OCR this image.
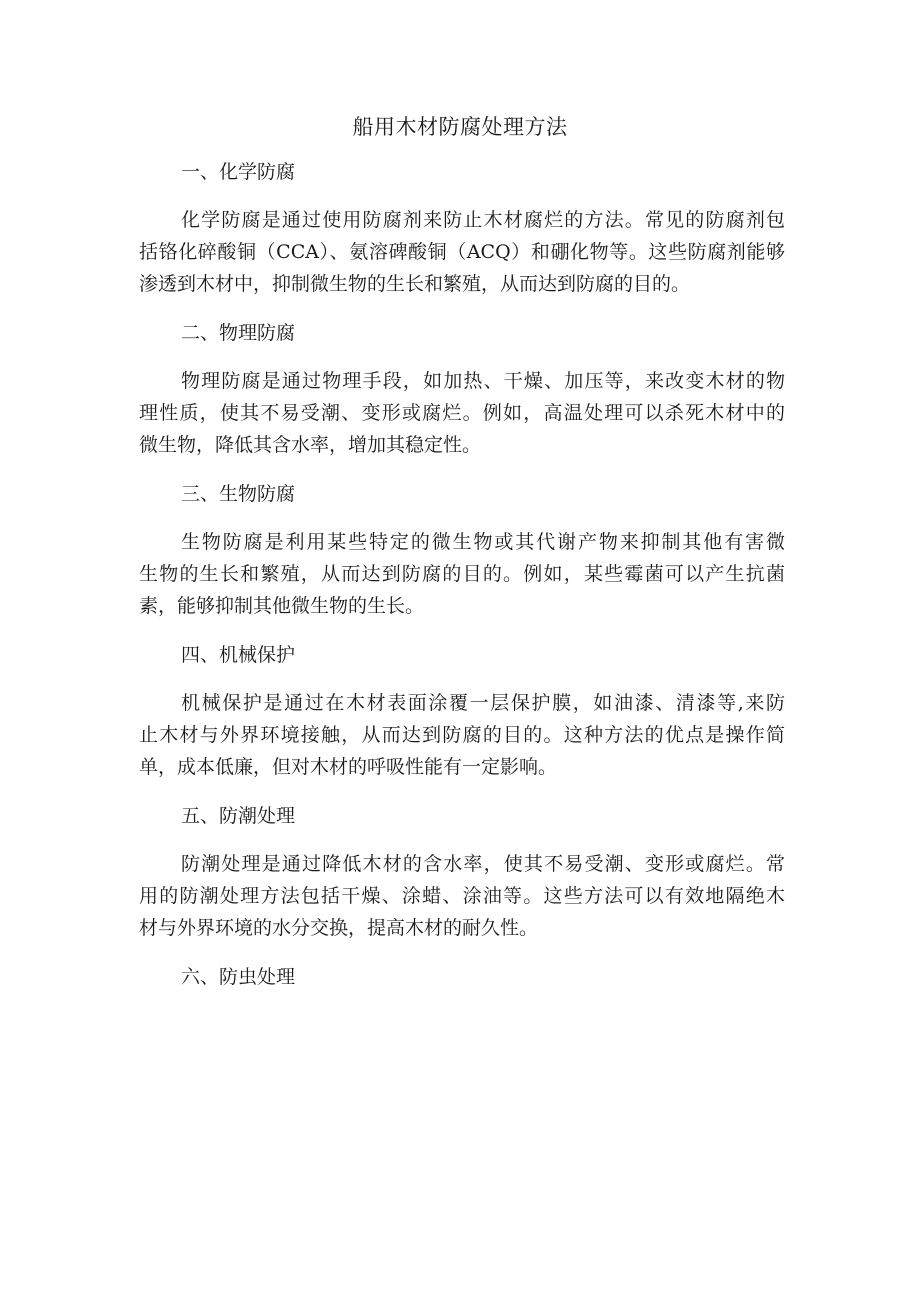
船用木材防腐处理方法
一、化学防腐

化学防腐是通过使用防腐剂来防止木材腐烂的方法。常见的防腐剂包
括铬化碎酸铜（CCA）、氨溶碑酸铜（ACQ）和硼化物等。这些防腐剂能够
渗透到木材中，抑制微生物的生长和繁殖，从而达到防腐的目的。

二、物理防腐

物理防腐是通过物理手段，如加热、干燥、加压等，来改变木材的物
理性质，使其不易受潮、变形或腐烂。例如，高温处理可以杀死木材中的
微生物，降低其含水率，增加其稳定性。

三、生物防腐

生物防腐是利用某些特定的微生物或其代谢产物来抑制其他有害微
生物的生长和繁殖，从而达到防腐的目的。例如，某些霉菌可以产生抗菌
素，能够抑制其他微生物的生长。

四、机械保护

机械保护是通过在木材表面涂覆一层保护膜，如油漆、清漆等,来防
止木材与外界环境接触，从而达到防腐的目的。这种方法的优点是操作简
单，成本低廉，但对木材的呼吸性能有一定影响。

五、防潮处理

防潮处理是通过降低木材的含水率，使其不易受潮、变形或腐烂。常
用的防潮处理方法包括干燥、涂蜡、涂油等。这些方法可以有效地隔绝木
材与外界环境的水分交换，提高木材的耐久性。

六、防虫处理
